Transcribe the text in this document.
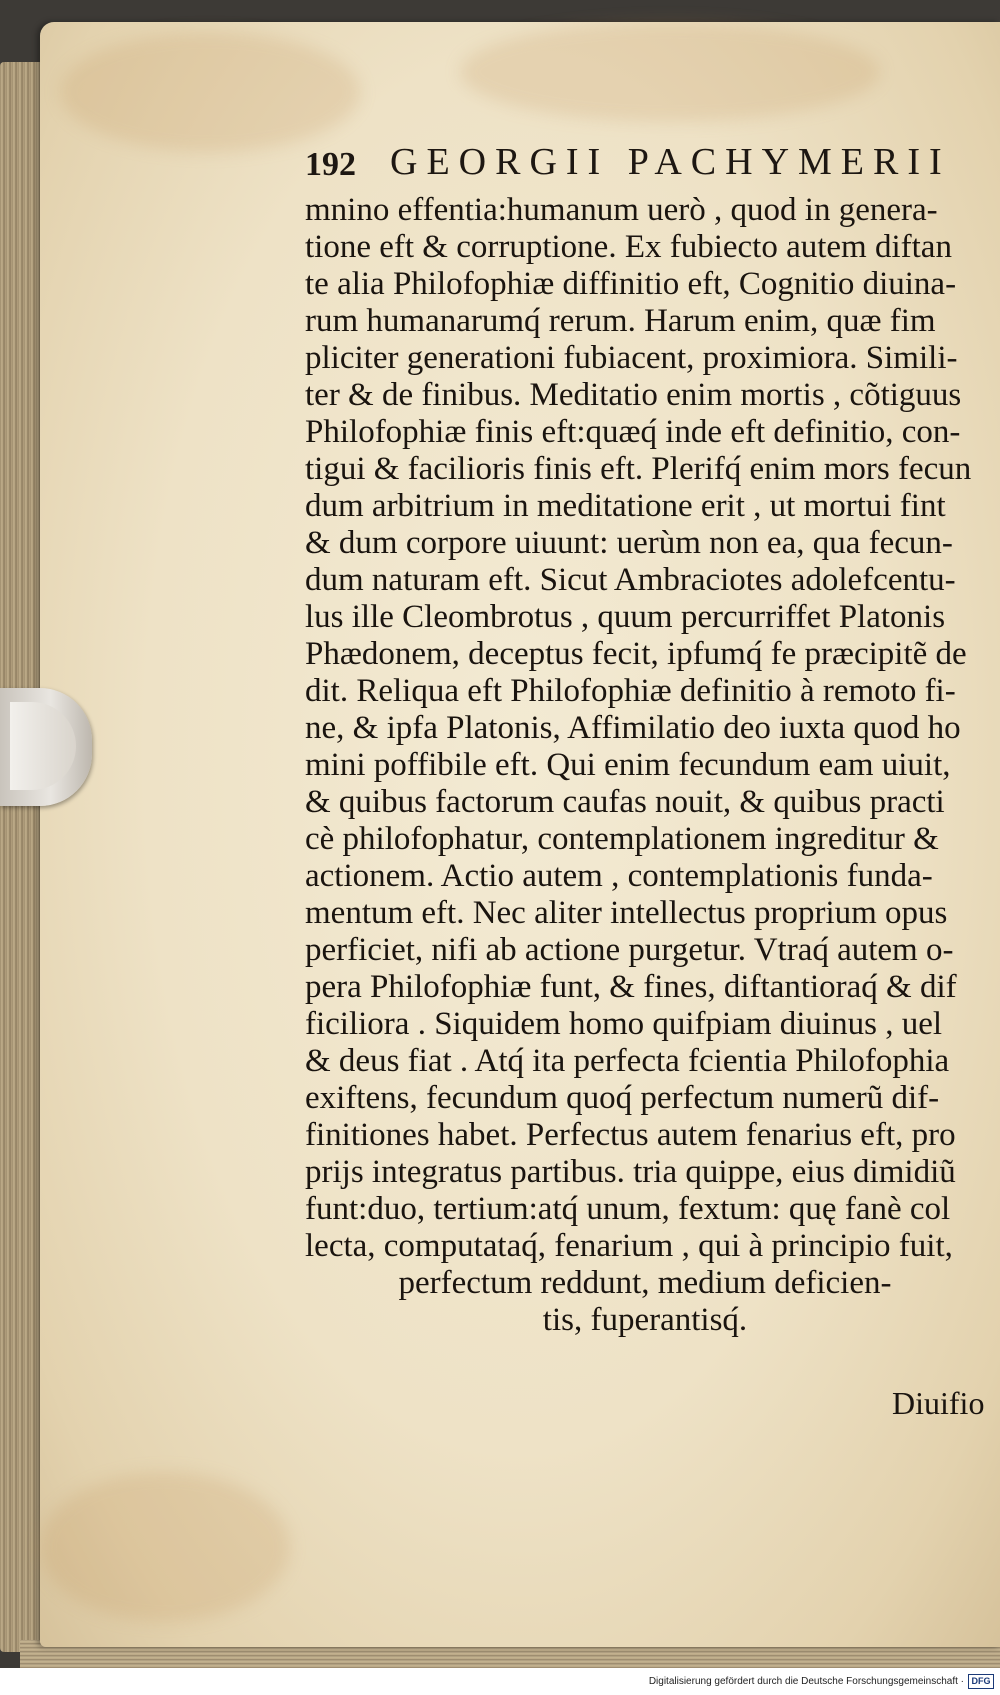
192 GEORGII PACHYMERII
mnino effentia:humanum uerò , quod in genera-
tione eft & corruptione. Ex fubiecto autem diftan
te alia Philofophiæ diffinitio eft, Cognitio diuina-
rum humanarumq́ rerum. Harum enim, quæ fim
pliciter generationi fubiacent, proximiora. Simili-
ter & de finibus. Meditatio enim mortis , cõtiguus
Philofophiæ finis eft:quæq́ inde eft definitio, con-
tigui & facilioris finis eft. Plerifq́ enim mors fecun
dum arbitrium in meditatione erit , ut mortui fint
& dum corpore uiuunt: uerùm non ea, qua fecun-
dum naturam eft. Sicut Ambraciotes adolefcentu-
lus ille Cleombrotus , quum percurriffet Platonis
Phædonem, deceptus fecit, ipfumq́ fe præcipitẽ de
dit. Reliqua eft Philofophiæ definitio à remoto fi-
ne, & ipfa Platonis, Affimilatio deo iuxta quod ho
mini poffibile eft. Qui enim fecundum eam uiuit,
& quibus factorum caufas nouit, & quibus practi
cè philofophatur, contemplationem ingreditur &
actionem. Actio autem , contemplationis funda-
mentum eft. Nec aliter intellectus proprium opus
perficiet, nifi ab actione purgetur. Vtraq́ autem o-
pera Philofophiæ funt, & fines, diftantioraq́ & dif
ficiliora . Siquidem homo quifpiam diuinus , uel
& deus fiat . Atq́ ita perfecta fcientia Philofophia
exiftens, fecundum quoq́ perfectum numerũ dif-
finitiones habet. Perfectus autem fenarius eft, pro
prijs integratus partibus. tria quippe, eius dimidiũ
funt:duo, tertium:atq́ unum, fextum: quę fanè col
lecta, computataq́, fenarium , qui à principio fuit,
perfectum reddunt, medium deficien-
tis, fuperantisq́.
Diuifio
Digitalisierung gefördert durch die Deutsche Forschungsgemeinschaft · DFG
